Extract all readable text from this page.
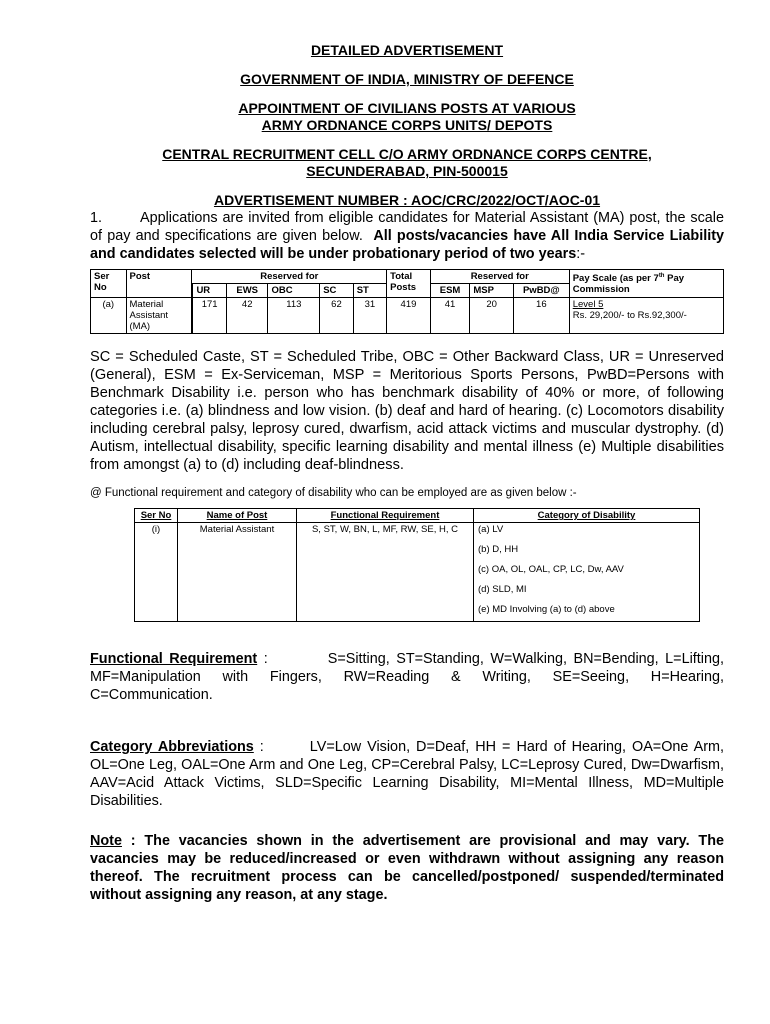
DETAILED ADVERTISEMENT
GOVERNMENT OF INDIA, MINISTRY OF DEFENCE
APPOINTMENT OF CIVILIANS POSTS AT VARIOUS
ARMY ORDNANCE CORPS UNITS/ DEPOTS
CENTRAL RECRUITMENT CELL C/O ARMY ORDNANCE CORPS CENTRE,
SECUNDERABAD, PIN-500015
ADVERTISEMENT NUMBER : AOC/CRC/2022/OCT/AOC-01

1.	Applications are invited from eligible candidates for Material Assistant (MA) post, the scale of pay and specifications are given below. All posts/vacancies have All India Service Liability and candidates selected will be under probationary period of two years:-

Ser No	Post	Reserved for					Total Posts	Reserved for			Pay Scale (as per 7th Pay Commission
		UR	EWS	OBC	SC	ST		ESM	MSP	PwBD@	
(a)	Material Assistant (MA)		171	42	113	62	31	419	41	20	16	Level 5
Rs. 29,200/- to Rs.92,300/-

SC = Scheduled Caste, ST = Scheduled Tribe, OBC = Other Backward Class, UR = Unreserved (General), ESM = Ex-Serviceman, MSP = Meritorious Sports Persons, PwBD=Persons with Benchmark Disability i.e. person who has benchmark disability of 40% or more, of following categories i.e. (a) blindness and low vision. (b) deaf and hard of hearing. (c) Locomotors disability including cerebral palsy, leprosy cured, dwarfism, acid attack victims and muscular dystrophy. (d) Autism, intellectual disability, specific learning disability and mental illness (e) Multiple disabilities from amongst (a) to (d) including deaf-blindness.

@ Functional requirement and category of disability who can be employed are as given below :-
Ser No	Name of Post	Functional Requirement	Category of Disability
(i)	Material Assistant	S, ST, W, BN, L, MF, RW, SE, H, C	(a) LV
(b) D, HH
(c) OA, OL, OAL, CP, LC, Dw, AAV
(d) SLD, MI
(e) MD Involving (a) to (d) above

Functional Requirement :	S=Sitting, ST=Standing, W=Walking, BN=Bending, L=Lifting, MF=Manipulation with Fingers, RW=Reading & Writing, SE=Seeing, H=Hearing, C=Communication.

Category Abbreviations :	LV=Low Vision, D=Deaf, HH = Hard of Hearing, OA=One Arm, OL=One Leg, OAL=One Arm and One Leg, CP=Cerebral Palsy, LC=Leprosy Cured, Dw=Dwarfism, AAV=Acid Attack Victims, SLD=Specific Learning Disability, MI=Mental Illness, MD=Multiple Disabilities.

Note : The vacancies shown in the advertisement are provisional and may vary. The vacancies may be reduced/increased or even withdrawn without assigning any reason thereof. The recruitment process can be cancelled/postponed/ suspended/terminated without assigning any reason, at any stage.
